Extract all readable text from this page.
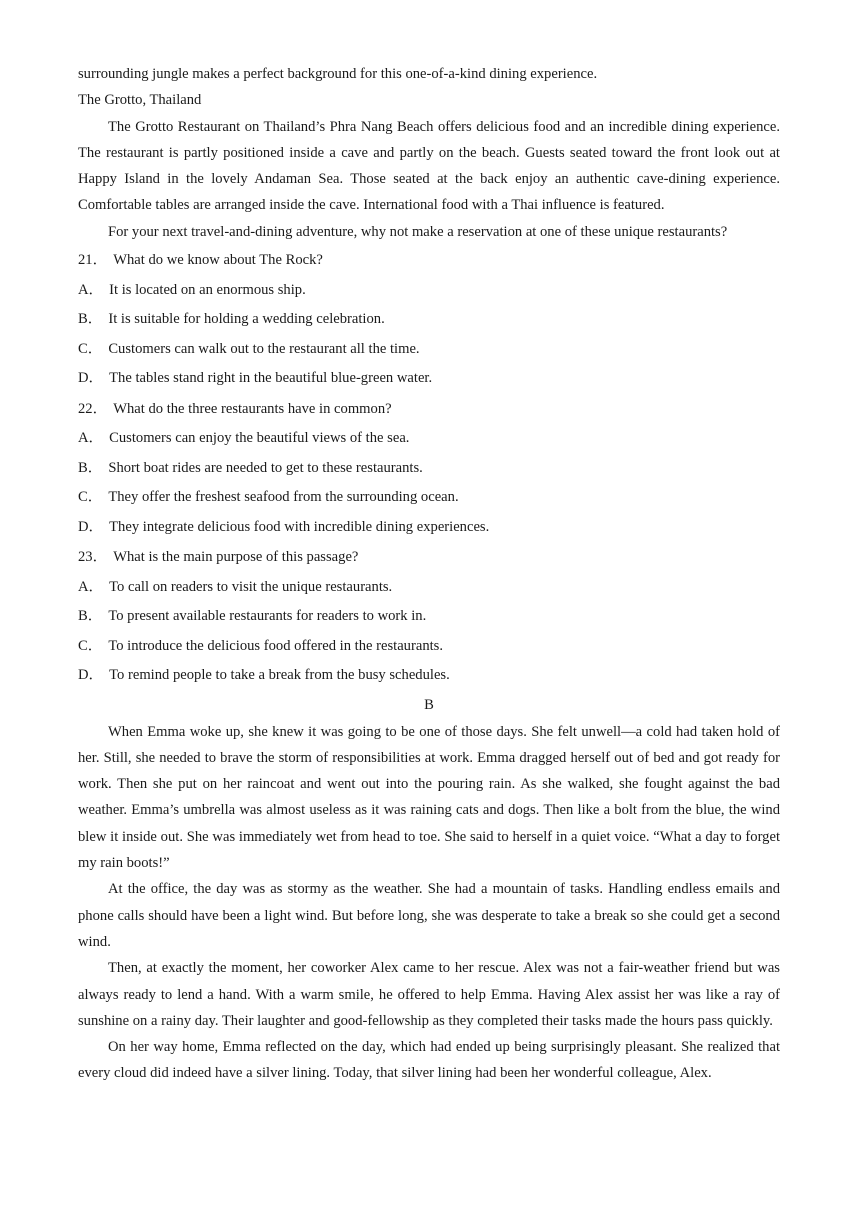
surrounding jungle makes a perfect background for this one-of-a-kind dining experience.
The Grotto, Thailand
The Grotto Restaurant on Thailand’s Phra Nang Beach offers delicious food and an incredible dining experience. The restaurant is partly positioned inside a cave and partly on the beach. Guests seated toward the front look out at Happy Island in the lovely Andaman Sea. Those seated at the back enjoy an authentic cave-dining experience. Comfortable tables are arranged inside the cave. International food with a Thai influence is featured.
For your next travel-and-dining adventure, why not make a reservation at one of these unique restaurants?
21． What do we know about The Rock?
A． It is located on an enormous ship.
B． It is suitable for holding a wedding celebration.
C． Customers can walk out to the restaurant all the time.
D． The tables stand right in the beautiful blue-green water.
22． What do the three restaurants have in common?
A． Customers can enjoy the beautiful views of the sea.
B． Short boat rides are needed to get to these restaurants.
C． They offer the freshest seafood from the surrounding ocean.
D． They integrate delicious food with incredible dining experiences.
23． What is the main purpose of this passage?
A． To call on readers to visit the unique restaurants.
B． To present available restaurants for readers to work in.
C． To introduce the delicious food offered in the restaurants.
D． To remind people to take a break from the busy schedules.
B
When Emma woke up, she knew it was going to be one of those days. She felt unwell—a cold had taken hold of her. Still, she needed to brave the storm of responsibilities at work. Emma dragged herself out of bed and got ready for work. Then she put on her raincoat and went out into the pouring rain. As she walked, she fought against the bad weather. Emma’s umbrella was almost useless as it was raining cats and dogs. Then like a bolt from the blue, the wind blew it inside out. She was immediately wet from head to toe. She said to herself in a quiet voice. “What a day to forget my rain boots!”
At the office, the day was as stormy as the weather. She had a mountain of tasks. Handling endless emails and phone calls should have been a light wind. But before long, she was desperate to take a break so she could get a second wind.
Then, at exactly the moment, her coworker Alex came to her rescue. Alex was not a fair-weather friend but was always ready to lend a hand. With a warm smile, he offered to help Emma. Having Alex assist her was like a ray of sunshine on a rainy day. Their laughter and good-fellowship as they completed their tasks made the hours pass quickly.
On her way home, Emma reflected on the day, which had ended up being surprisingly pleasant. She realized that every cloud did indeed have a silver lining. Today, that silver lining had been her wonderful colleague, Alex.
